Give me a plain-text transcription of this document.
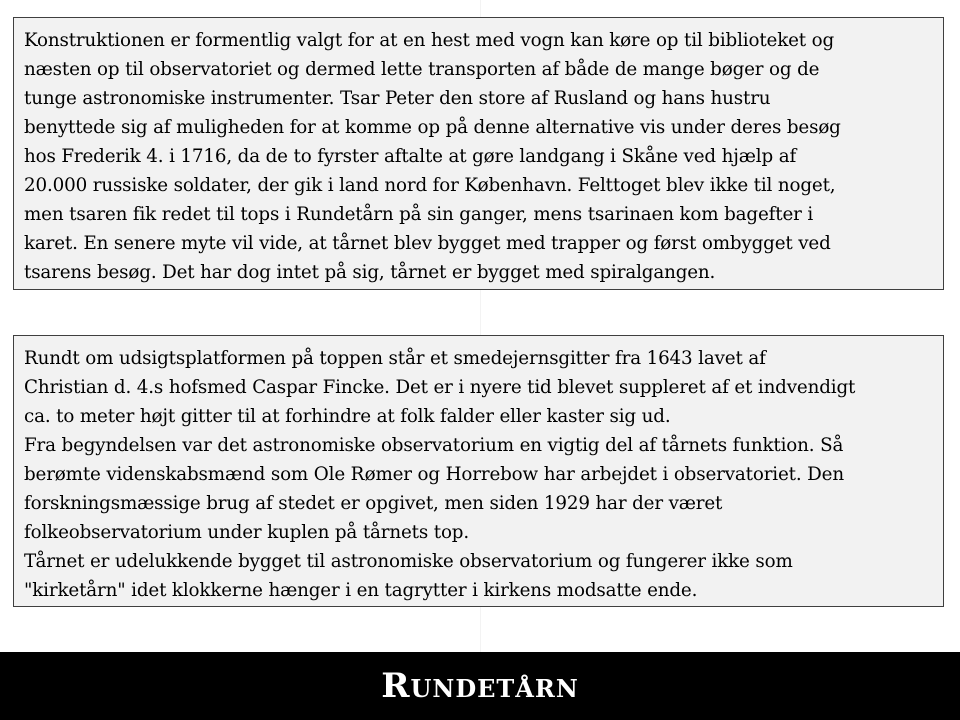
Konstruktionen er formentlig valgt for at en hest med vogn kan køre op til biblioteket og
næsten op til observatoriet og dermed lette transporten af både de mange bøger og de
tunge astronomiske instrumenter. Tsar Peter den store af Rusland og hans hustru
benyttede sig af muligheden for at komme op på denne alternative vis under deres besøg
hos Frederik 4. i 1716, da de to fyrster aftalte at gøre landgang i Skåne ved hjælp af
20.000 russiske soldater, der gik i land nord for København. Felttoget blev ikke til noget,
men tsaren fik redet til tops i Rundetårn på sin ganger, mens tsarinaen kom bagefter i
karet. En senere myte vil vide, at tårnet blev bygget med trapper og først ombygget ved
tsarens besøg. Det har dog intet på sig, tårnet er bygget med spiralgangen.
Rundt om udsigtsplatformen på toppen står et smedejernsgitter fra 1643 lavet af
Christian d. 4.s hofsmed Caspar Fincke. Det er i nyere tid blevet suppleret af et indvendigt
ca. to meter højt gitter til at forhindre at folk falder eller kaster sig ud.
Fra begyndelsen var det astronomiske observatorium en vigtig del af tårnets funktion. Så
berømte videnskabsmænd som Ole Rømer og Horrebow har arbejdet i observatoriet. Den
forskningsmæssige brug af stedet er opgivet, men siden 1929 har der været
folkeobservatorium under kuplen på tårnets top.
Tårnet er udelukkende bygget til astronomiske observatorium og fungerer ikke som
"kirketårn" idet klokkerne hænger i en tagrytter i kirkens modsatte ende.
Rundetårn
